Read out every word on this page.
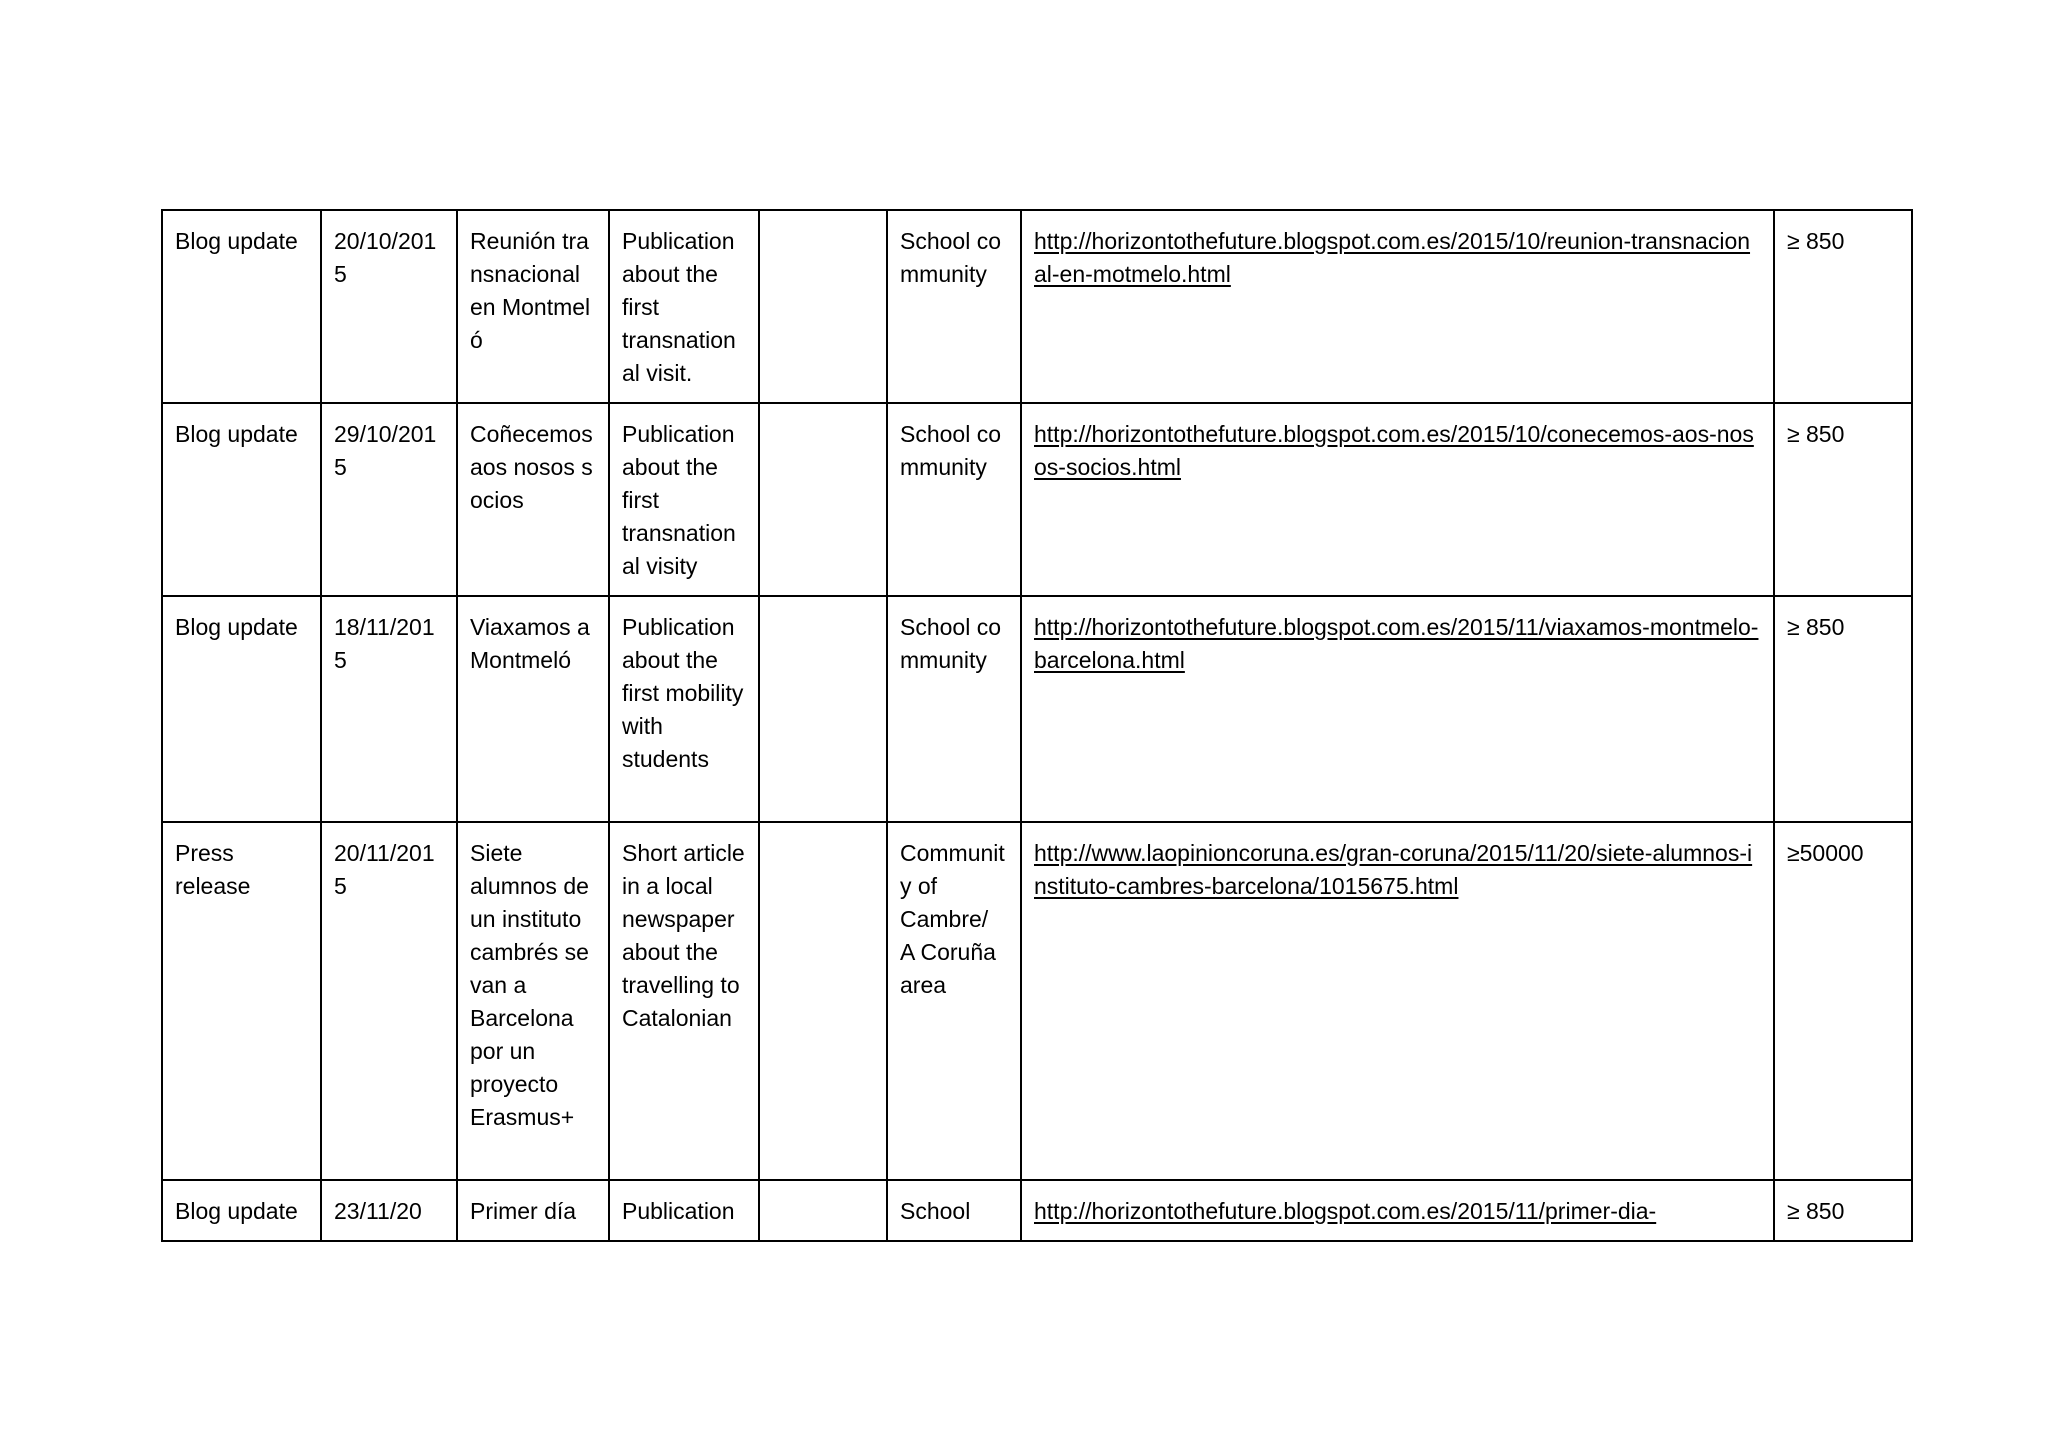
Blog update	20/10/2015	Reunión transnacional en Montmeló	Publication about the first transnational visit.		School community	http://horizontothefuture.blogspot.com.es/2015/10/reunion-transnacional-en-motmelo.html	≥ 850
Blog update	29/10/2015	Coñecemos aos nosos socios	Publication about the first transnational visity		School community	http://horizontothefuture.blogspot.com.es/2015/10/conecemos-aos-nosos-socios.html	≥ 850
Blog update	18/11/2015	Viaxamos a Montmeló	Publication about the first mobility with students		School community	http://horizontothefuture.blogspot.com.es/2015/11/viaxamos-montmelo-barcelona.html	≥ 850
Press release	20/11/2015	Siete alumnos de un instituto cambrés se van a Barcelona por un proyecto Erasmus+	Short article in a local newspaper about the travelling to Catalonian		Community of Cambre/ A Coruña area	http://www.laopinioncoruna.es/gran-coruna/2015/11/20/siete-alumnos-instituto-cambres-barcelona/1015675.html	≥50000
Blog update	23/11/20	Primer día	Publication		School	http://horizontothefuture.blogspot.com.es/2015/11/primer-dia-	≥ 850
